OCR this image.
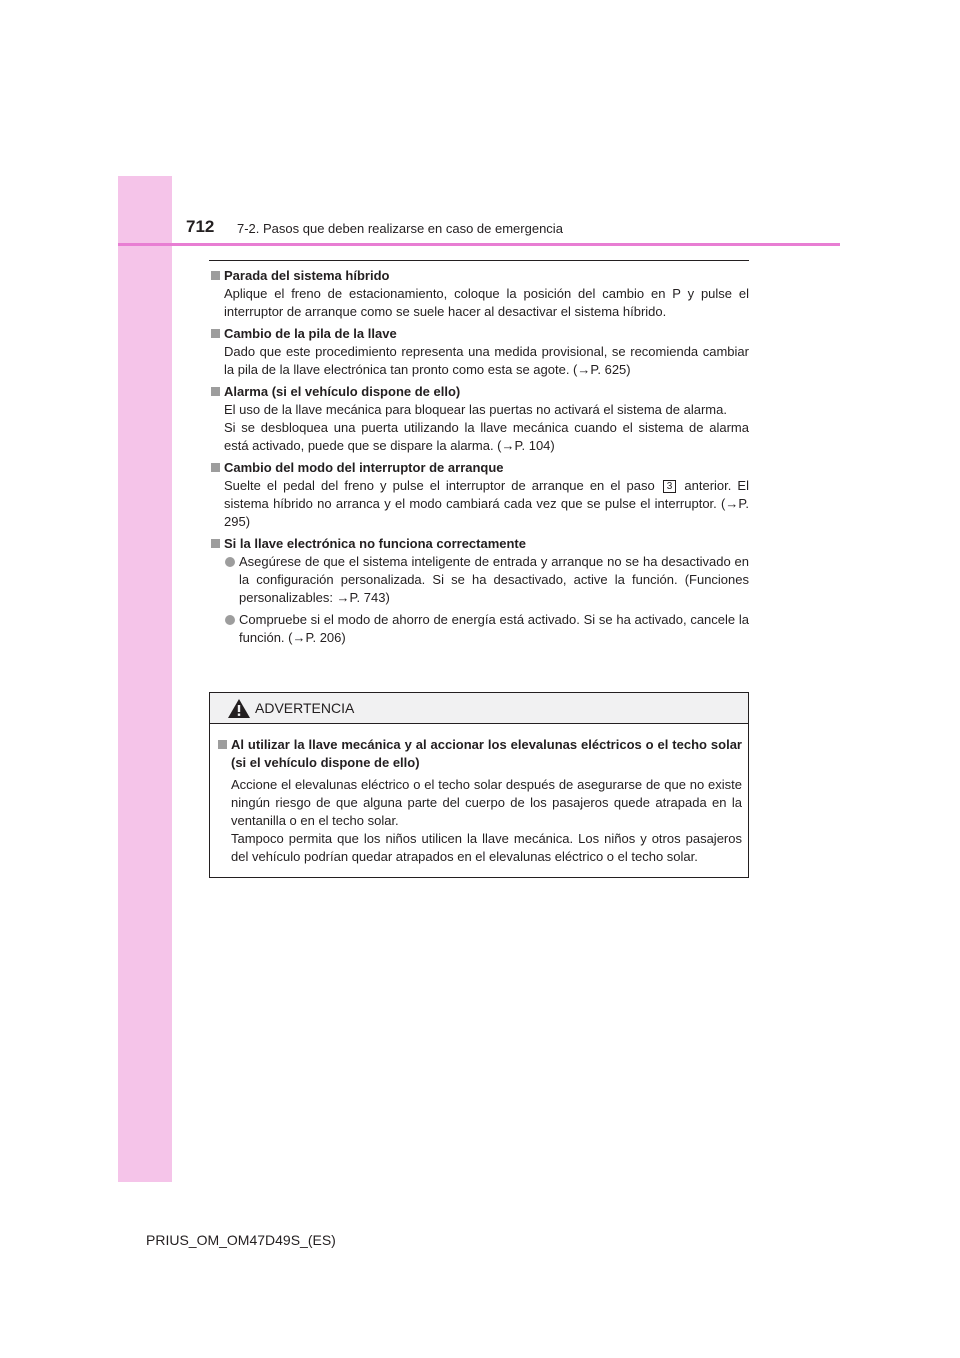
712 7-2. Pasos que deben realizarse en caso de emergencia
Parada del sistema híbrido
Aplique el freno de estacionamiento, coloque la posición del cambio en P y pulse el interruptor de arranque como se suele hacer al desactivar el sistema híbrido.
Cambio de la pila de la llave
Dado que este procedimiento representa una medida provisional, se recomienda cambiar la pila de la llave electrónica tan pronto como esta se agote. (→P. 625)
Alarma (si el vehículo dispone de ello)
El uso de la llave mecánica para bloquear las puertas no activará el sistema de alarma.
Si se desbloquea una puerta utilizando la llave mecánica cuando el sistema de alarma está activado, puede que se dispare la alarma. (→P. 104)
Cambio del modo del interruptor de arranque
Suelte el pedal del freno y pulse el interruptor de arranque en el paso 3 anterior. El sistema híbrido no arranca y el modo cambiará cada vez que se pulse el interruptor. (→P. 295)
Si la llave electrónica no funciona correctamente
Asegúrese de que el sistema inteligente de entrada y arranque no se ha desactivado en la configuración personalizada. Si se ha desactivado, active la función. (Funciones personalizables: →P. 743)
Compruebe si el modo de ahorro de energía está activado. Si se ha activado, cancele la función. (→P. 206)
ADVERTENCIA
Al utilizar la llave mecánica y al accionar los elevalunas eléctricos o el techo solar (si el vehículo dispone de ello)
Accione el elevalunas eléctrico o el techo solar después de asegurarse de que no existe ningún riesgo de que alguna parte del cuerpo de los pasajeros quede atrapada en la ventanilla o en el techo solar.
Tampoco permita que los niños utilicen la llave mecánica. Los niños y otros pasajeros del vehículo podrían quedar atrapados en el elevalunas eléctrico o el techo solar.
PRIUS_OM_OM47D49S_(ES)
